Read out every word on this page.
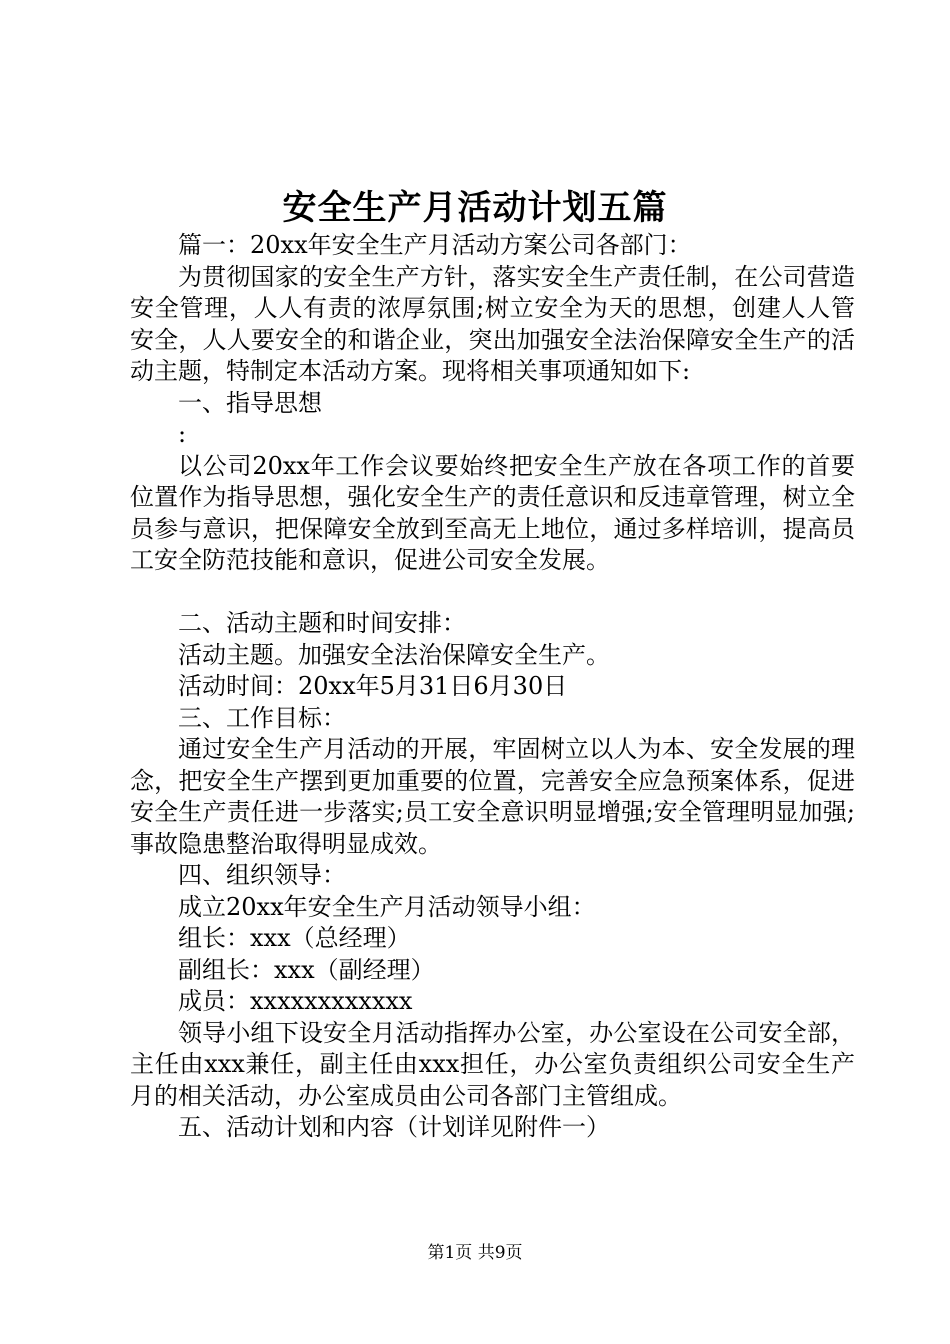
安全生产月活动计划五篇

篇一：20xx年安全生产月活动方案公司各部门：

为贯彻国家的安全生产方针，落实安全生产责任制，在公司营造安全管理，人人有责的浓厚氛围;树立安全为天的思想，创建人人管安全，人人要安全的和谐企业，突出加强安全法治保障安全生产的活动主题，特制定本活动方案。现将相关事项通知如下:

一、指导思想

:

以公司20xx年工作会议要始终把安全生产放在各项工作的首要位置作为指导思想，强化安全生产的责任意识和反违章管理，树立全员参与意识，把保障安全放到至高无上地位，通过多样培训，提高员工安全防范技能和意识，促进公司安全发展。

二、活动主题和时间安排：

活动主题。加强安全法治保障安全生产。

活动时间：20xx年5月31日6月30日

三、工作目标：

通过安全生产月活动的开展，牢固树立以人为本、安全发展的理念，把安全生产摆到更加重要的位置，完善安全应急预案体系，促进安全生产责任进一步落实;员工安全意识明显增强;安全管理明显加强;事故隐患整治取得明显成效。

四、组织领导：

成立20xx年安全生产月活动领导小组：

组长：xxx（总经理）

副组长：xxx（副经理）

成员：xxxxxxxxxxxx

领导小组下设安全月活动指挥办公室，办公室设在公司安全部，主任由xxx兼任，副主任由xxx担任，办公室负责组织公司安全生产月的相关活动，办公室成员由公司各部门主管组成。

五、活动计划和内容（计划详见附件一）

第1页 共9页
